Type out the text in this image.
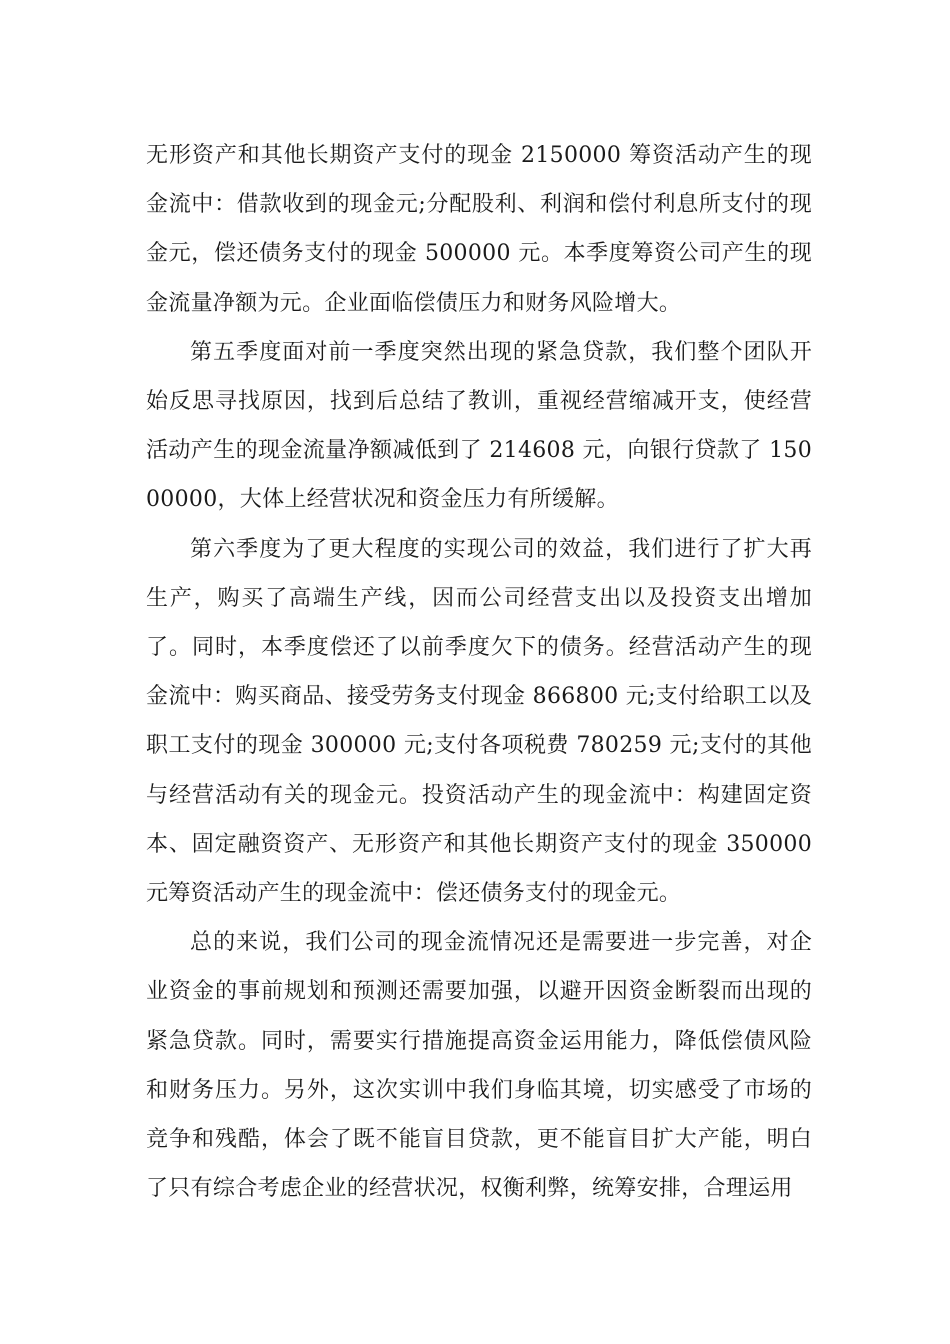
无形资产和其他长期资产支付的现金 2150000 筹资活动产生的现金流中：借款收到的现金元;分配股利、利润和偿付利息所支付的现金元，偿还债务支付的现金 500000 元。本季度筹资公司产生的现金流量净额为元。企业面临偿债压力和财务风险增大。

第五季度面对前一季度突然出现的紧急贷款，我们整个团队开始反思寻找原因，找到后总结了教训，重视经营缩减开支，使经营活动产生的现金流量净额减低到了 214608 元，向银行贷款了 15000000，大体上经营状况和资金压力有所缓解。

第六季度为了更大程度的实现公司的效益，我们进行了扩大再生产，购买了高端生产线，因而公司经营支出以及投资支出增加了。同时，本季度偿还了以前季度欠下的债务。经营活动产生的现金流中：购买商品、接受劳务支付现金 866800 元;支付给职工以及职工支付的现金 300000 元;支付各项税费 780259 元;支付的其他与经营活动有关的现金元。投资活动产生的现金流中：构建固定资本、固定融资资产、无形资产和其他长期资产支付的现金 350000 元筹资活动产生的现金流中：偿还债务支付的现金元。

总的来说，我们公司的现金流情况还是需要进一步完善，对企业资金的事前规划和预测还需要加强，以避开因资金断裂而出现的紧急贷款。同时，需要实行措施提高资金运用能力，降低偿债风险和财务压力。另外，这次实训中我们身临其境，切实感受了市场的竞争和残酷，体会了既不能盲目贷款，更不能盲目扩大产能，明白了只有综合考虑企业的经营状况，权衡利弊，统筹安排，合理运用
